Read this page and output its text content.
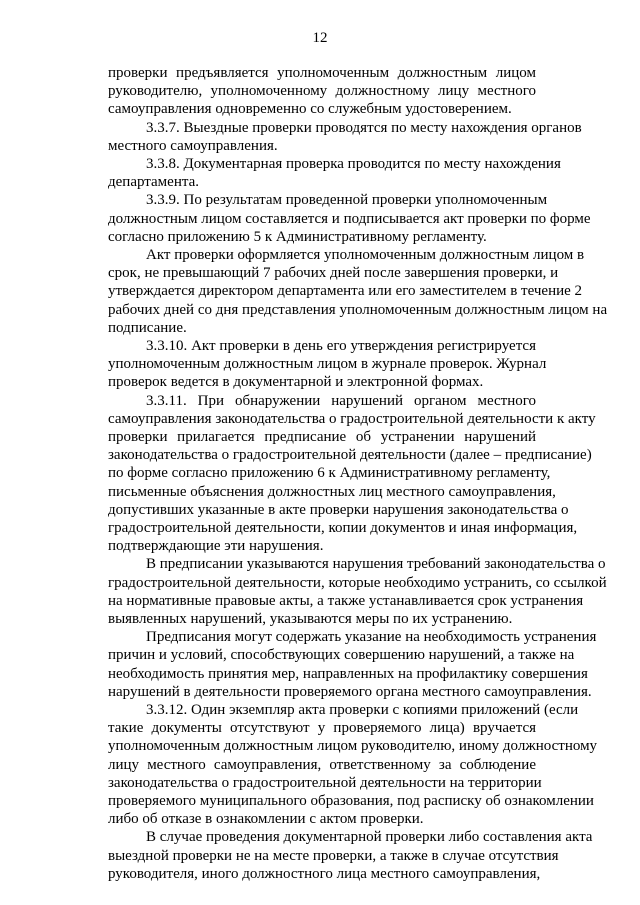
12
проверки предъявляется уполномоченным должностным лицом
руководителю, уполномоченному должностному лицу местного
самоуправления одновременно со служебным удостоверением.
3.3.7. Выездные проверки проводятся по месту нахождения органов
местного самоуправления.
3.3.8. Документарная проверка проводится по месту нахождения
департамента.
3.3.9. По результатам проведенной проверки уполномоченным
должностным лицом составляется и подписывается акт проверки по форме
согласно приложению 5 к Административному регламенту.
Акт проверки оформляется уполномоченным должностным лицом в
срок, не превышающий 7 рабочих дней после завершения проверки, и
утверждается директором департамента или его заместителем в течение 2
рабочих дней со дня представления уполномоченным должностным лицом на
подписание.
3.3.10. Акт проверки в день его утверждения регистрируется
уполномоченным должностным лицом в журнале проверок. Журнал
проверок ведется в документарной и электронной формах.
3.3.11. При обнаружении нарушений органом местного
самоуправления законодательства о градостроительной деятельности к акту
проверки прилагается предписание об устранении нарушений
законодательства о градостроительной деятельности (далее – предписание)
по форме согласно приложению 6 к Административному регламенту,
письменные объяснения должностных лиц местного самоуправления,
допустивших указанные в акте проверки нарушения законодательства о
градостроительной деятельности, копии документов и иная информация,
подтверждающие эти нарушения.
В предписании указываются нарушения требований законодательства о
градостроительной деятельности, которые необходимо устранить, со ссылкой
на нормативные правовые акты, а также устанавливается срок устранения
выявленных нарушений, указываются меры по их устранению.
Предписания могут содержать указание на необходимость устранения
причин и условий, способствующих совершению нарушений, а также на
необходимость принятия мер, направленных на профилактику совершения
нарушений в деятельности проверяемого органа местного самоуправления.
3.3.12. Один экземпляр акта проверки с копиями приложений (если
такие документы отсутствуют у проверяемого лица) вручается
уполномоченным должностным лицом руководителю, иному должностному
лицу местного самоуправления, ответственному за соблюдение
законодательства о градостроительной деятельности на территории
проверяемого муниципального образования, под расписку об ознакомлении
либо об отказе в ознакомлении с актом проверки.
В случае проведения документарной проверки либо составления акта
выездной проверки не на месте проверки, а также в случае отсутствия
руководителя, иного должностного лица местного самоуправления,
